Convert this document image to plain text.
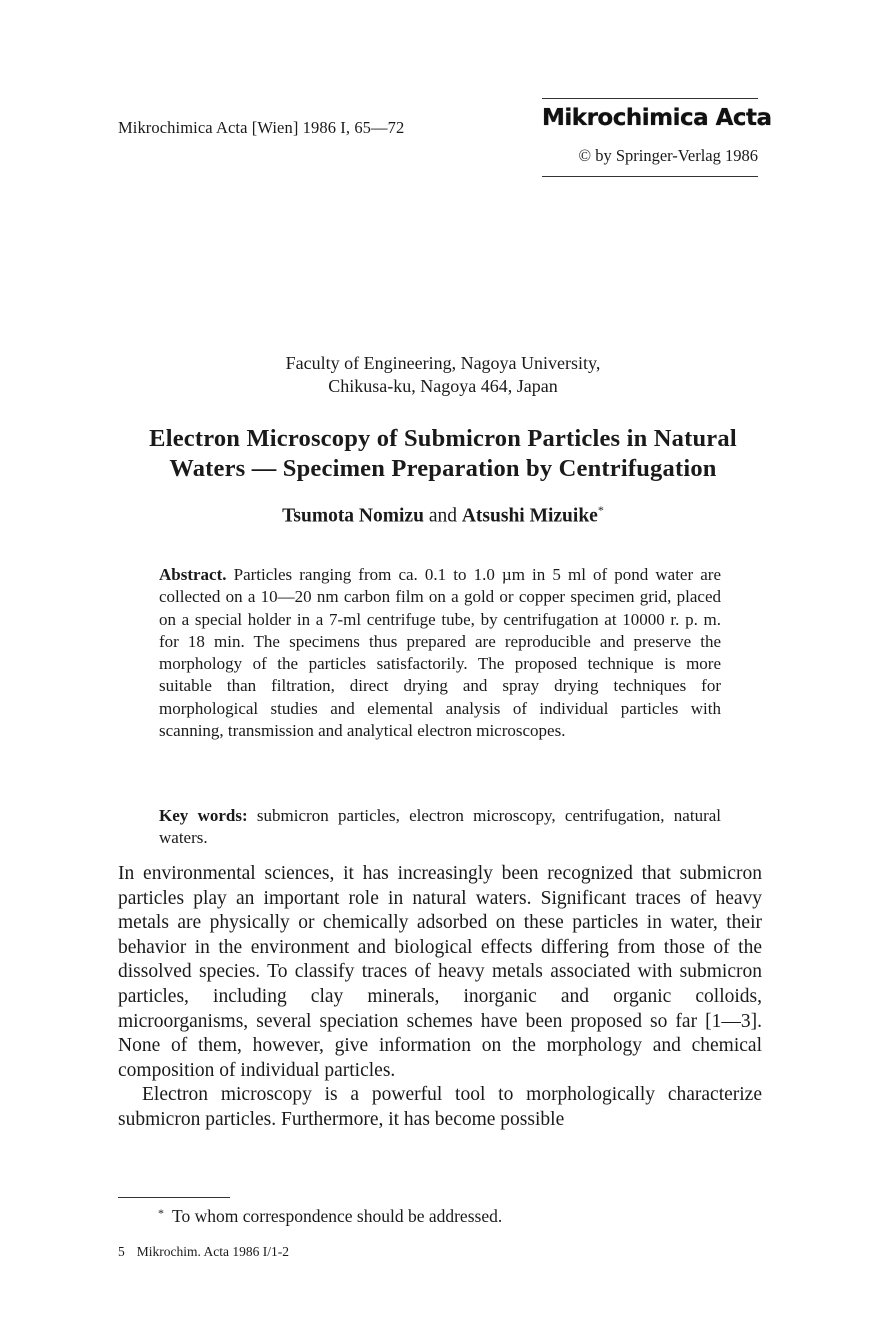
Mikrochimica Acta [Wien] 1986 I, 65—72	Mikrochimica Acta
© by Springer-Verlag 1986
Faculty of Engineering, Nagoya University,
Chikusa-ku, Nagoya 464, Japan
Electron Microscopy of Submicron Particles in Natural
Waters — Specimen Preparation by Centrifugation
Tsumota Nomizu and Atsushi Mizuike*
Abstract. Particles ranging from ca. 0.1 to 1.0 µm in 5 ml of pond water are collected on a 10—20 nm carbon film on a gold or copper specimen grid, placed on a special holder in a 7-ml centrifuge tube, by centrifugation at 10000 r. p. m. for 18 min. The specimens thus prepared are reproducible and preserve the morphology of the particles satisfactorily. The proposed technique is more suitable than filtration, direct drying and spray drying techniques for morphological studies and elemental analysis of individual particles with scanning, transmission and analytical electron microscopes.
Key words: submicron particles, electron microscopy, centrifugation, natural waters.

In environmental sciences, it has increasingly been recognized that submicron particles play an important role in natural waters. Significant traces of heavy metals are physically or chemically adsorbed on these particles in water, their behavior in the environment and biological effects differing from those of the dissolved species. To classify traces of heavy metals associated with submicron particles, including clay minerals, inorganic and organic colloids, microorganisms, several speciation schemes have been proposed so far [1—3]. None of them, however, give information on the morphology and chemical composition of individual particles.

Electron microscopy is a powerful tool to morphologically characterize submicron particles. Furthermore, it has become possible

* To whom correspondence should be addressed.
5 Mikrochim. Acta 1986 I/1-2
